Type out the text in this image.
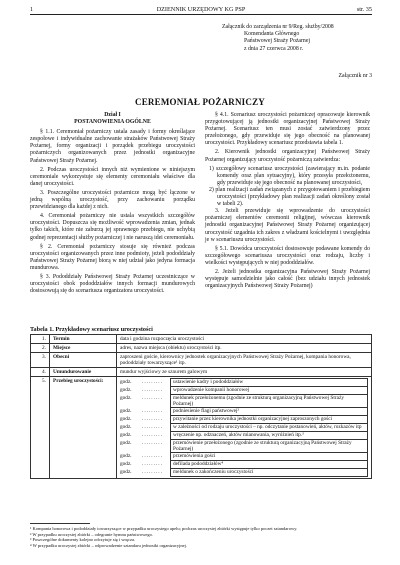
1	DZIENNIK URZĘDOWY KG PSP	str. 35
Załącznik do zarządzenia nr 9/Reg. służby/2008
Komendanta Głównego
Państwowej Straży Pożarnej
z dnia 27 czerwca 2008 r.
Załącznik nr 3
CEREMONIAŁ POŻARNICZY

Dział I

POSTANOWIENIA OGÓLNE

§ 1.1. Ceremoniał pożarniczy ustala zasady i formy określające zespołowe i indywidualne zachowanie strażaków Państwowej Straży Pożarnej, formy organizacji i porządek przebiegu uroczystości pożarniczych organizowanych przez jednostki organizacyjne Państwowej Straży Pożarnej.

2. Podczas uroczystości innych niż wymienione w niniejszym ceremoniale wykorzystuje się elementy ceremoniału właściwe dla danej uroczystości.

3. Poszczególne uroczystości pożarnicze mogą być łączone w jedną wspólną uroczystość, przy zachowaniu porządku przewidzianego dla każdej z nich.

4. Ceremoniał pożarniczy nie ustala wszystkich szczegółów uroczystości. Dopuszcza się możliwość wprowadzenia zmian, jednak tylko takich, które nie zaburzą jej sprawnego przebiegu, nie uchybią godnej reprezentacji służby pożarniczej i nie naruszą idei ceremoniału.

§ 2. Ceremoniał pożarniczy stosuje się również podczas uroczystości organizowanych przez inne podmioty, jeżeli pododdziały Państwowej Straży Pożarnej biorą w niej udział jako jedyna formacja mundurowa.

§ 3. Pododdziały Państwowej Straży Pożarnej uczestniczące w uroczystości obok pododdziałów innych formacji mundurowych dostosowują się do scenariusza organizatora uroczystości.

§ 4.1. Scenariusz uroczystości pożarniczej opracowuje kierownik przygotowującej ją jednostki organizacyjnej Państwowej Straży Pożarnej. Scenariusz ten musi zostać zatwierdzony przez przełożonego, gdy przewiduje się jego obecność na planowanej uroczystości. Przykładowy scenariusz przedstawia tabela 1.

2. Kierownik jednostki organizacyjnej Państwowej Straży Pożarnej organizujący uroczystość pożarniczą zatwierdza:

1) szczegółowy scenariusz uroczystości (zawierający m.in. podanie komendy oraz plan sytuacyjny), który przesyła przełożonemu, gdy przewiduje się jego obecność na planowanej uroczystości,

2) plan realizacji zadań związanych z przygotowaniem i przebiegiem uroczystości (przykładowy plan realizacji zadań określony został w tabeli 2).

3. Jeżeli przewiduje się wprowadzenie do uroczystości pożarniczej elementów ceremonii religijnej, wówczas kierownik jednostki organizacyjnej Państwowej Straży Pożarnej organizującej uroczystość uzgadnia ich zakres z władzami kościelnymi i uwzględnia je w scenariuszu uroczystości.

§ 5.1. Dowódca uroczystości dostosowuje podawane komendy do szczegółowego scenariusza uroczystości oraz rodzaju, liczby i wielkości występujących w niej pododdziałów.

2. Jeżeli jednostka organizacyjna Państwowej Straży Pożarnej występuje samodzielnie jako całość (bez udziału innych jednostek organizacyjnych Państwowej Straży Pożarnej)

Tabela 1. Przykładowy scenariusz uroczystości
1.	Termin	data i godzina rozpoczęcia uroczystości
2.	Miejsce	adres, nazwa miejsca (obiektu) uroczystości itp.
3.	Obecni	zaproszeni goście, kierownicy jednostek organizacyjnych Państwowej Straży Pożarnej, kompania honorowa, pododdziały towarzyszące¹ itp.
4.	Umundurowanie	mundur wyjściowy ze sznurem galowym
5.	Przebieg uroczystości:		godz.	.........	ustawienie kadry i pododdziałów
godz.	.........	wprowadzenie kompanii honorowej
godz.	.........	meldunek przełożonemu (zgodnie ze strukturą organizacyjną Państwowej Straży Pożarnej)
godz.	.........	podniesienie flagi państwowej²
godz.	.........	przywitanie przez kierownika jednostki organizacyjnej zaproszonych gości
godz.	.........	w zależności od rodzaju uroczystości – np. odczytanie postanowień, aktów, rozkazów itp
godz.	.........	wręczenie np. odznaczeń, aktów mianowania, wyróżnień itp.³
godz.	.........	przemówienie przełożonego (zgodnie ze strukturą organizacyjną Państwowej Straży Pożarnej)
godz.	.........	przemówienia gości
godz.	.........	defilada pododdziałów⁴
godz.	.........	meldunek o zakończeniu uroczystości
¹ Kompania honorowa i pododdziały towarzyszące w przypadku uroczystego apelu; podczas uroczystej zbiórki występuje tylko poczet sztandarowy.
² W przypadku uroczystej zbiórki – odegranie hymnu państwowego.
³ Poszczególne dokumenty kolejno odczytuje się i wręcza.
⁴ W przypadku uroczystej zbiórki – odprowadzenie sztandaru jednostki organizacyjnej.
